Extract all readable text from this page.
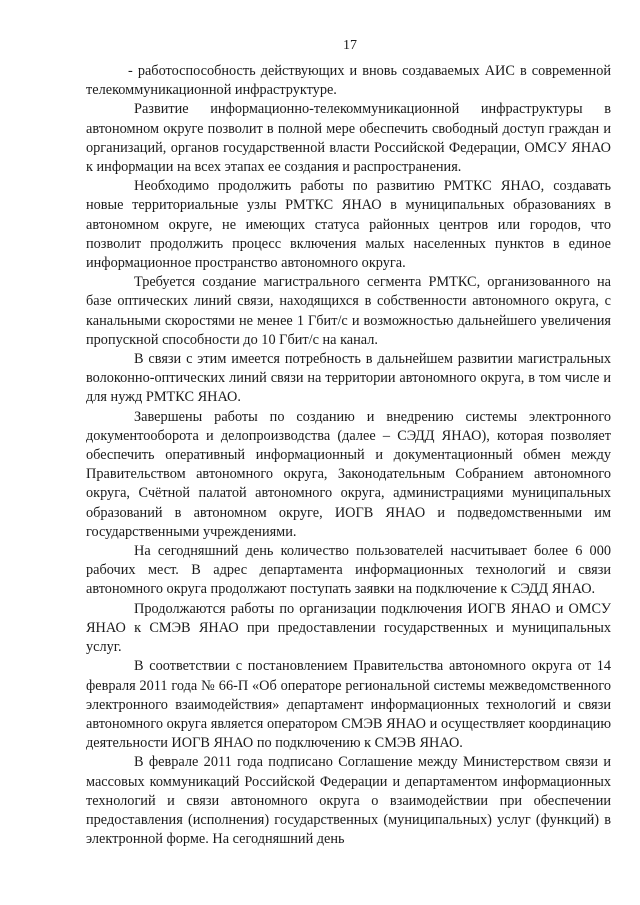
17

- работоспособность действующих и вновь создаваемых АИС в современной телекоммуникационной инфраструктуре.

Развитие информационно-телекоммуникационной инфраструктуры в автономном округе позволит в полной мере обеспечить свободный доступ граждан и организаций, органов государственной власти Российской Федерации, ОМСУ ЯНАО к информации на всех этапах ее создания и распространения.

Необходимо продолжить работы по развитию РМТКС ЯНАО, создавать новые территориальные узлы РМТКС ЯНАО в муниципальных образованиях в автономном округе, не имеющих статуса районных центров или городов, что позволит продолжить процесс включения малых населенных пунктов в единое информационное пространство автономного округа.

Требуется создание магистрального сегмента РМТКС, организованного на базе оптических линий связи, находящихся в собственности автономного округа, с канальными скоростями не менее 1 Гбит/с и возможностью дальнейшего увеличения пропускной способности до 10 Гбит/с на канал.

В связи с этим имеется потребность в дальнейшем развитии магистральных волоконно-оптических линий связи на территории автономного округа, в том числе и для нужд РМТКС ЯНАО.

Завершены работы по созданию и внедрению системы электронного документооборота и делопроизводства (далее – СЭДД ЯНАО), которая позволяет обеспечить оперативный информационный и документационный обмен между Правительством автономного округа, Законодательным Собранием автономного округа, Счётной палатой автономного округа, администрациями муниципальных образований в автономном округе, ИОГВ ЯНАО и подведомственными им государственными учреждениями.

На сегодняшний день количество пользователей насчитывает более 6 000 рабочих мест. В адрес департамента информационных технологий и связи автономного округа продолжают поступать заявки на подключение к СЭДД ЯНАО.

Продолжаются работы по организации подключения ИОГВ ЯНАО и ОМСУ ЯНАО к СМЭВ ЯНАО при предоставлении государственных и муниципальных услуг.

В соответствии с постановлением Правительства автономного округа от 14 февраля 2011 года № 66-П «Об операторе региональной системы межведомственного электронного взаимодействия» департамент информационных технологий и связи автономного округа является оператором СМЭВ ЯНАО и осуществляет координацию деятельности ИОГВ ЯНАО по подключению к СМЭВ ЯНАО.

В феврале 2011 года подписано Соглашение между Министерством связи и массовых коммуникаций Российской Федерации и департаментом информационных технологий и связи автономного округа о взаимодействии при обеспечении предоставления (исполнения) государственных (муниципальных) услуг (функций) в электронной форме. На сегодняшний день
